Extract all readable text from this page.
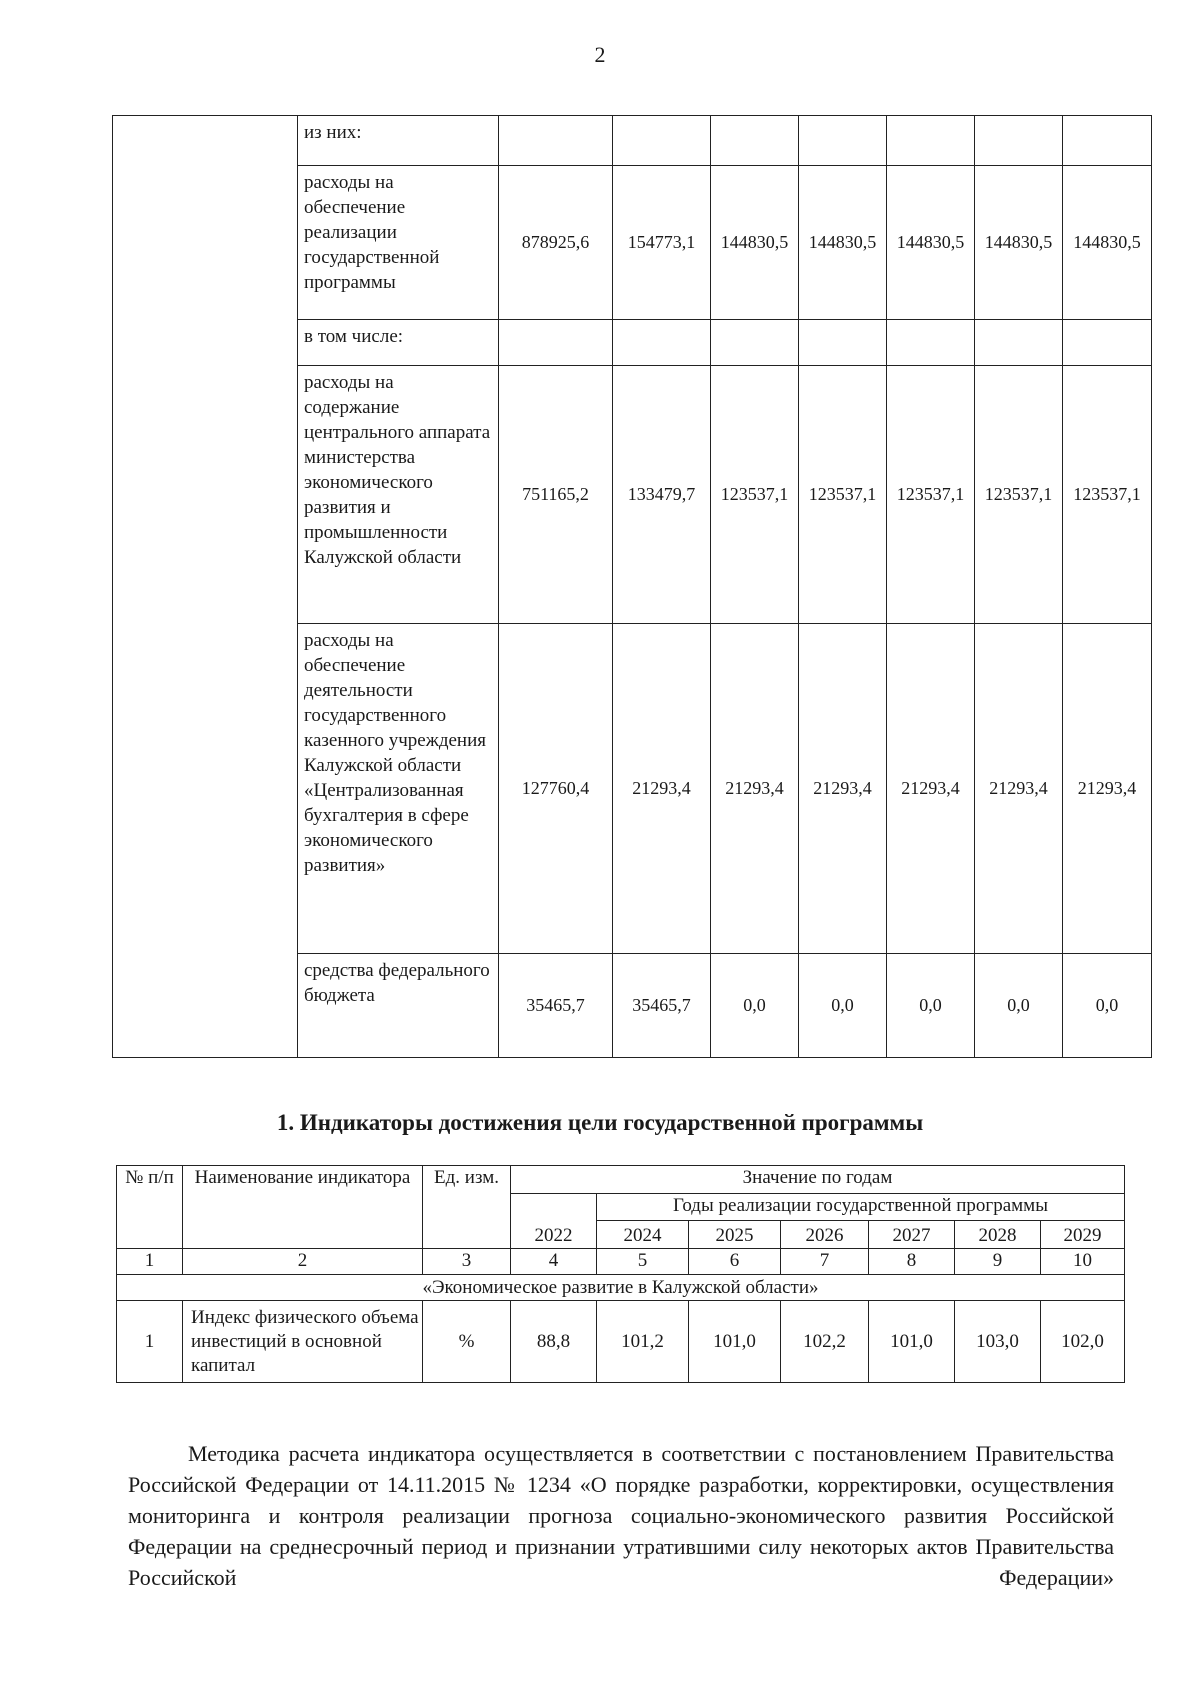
2
	из них:							
	расходы на обеспечение реализации государственной программы	878925,6	154773,1	144830,5	144830,5	144830,5	144830,5	144830,5
	в том числе:							
	расходы на содержание центрального аппарата министерства экономического развития и промышленности Калужской области	751165,2	133479,7	123537,1	123537,1	123537,1	123537,1	123537,1
	расходы на обеспечение деятельности государственного казенного учреждения Калужской области «Централизованная бухгалтерия в сфере экономического развития»	127760,4	21293,4	21293,4	21293,4	21293,4	21293,4	21293,4
	средства федерального бюджета	35465,7	35465,7	0,0	0,0	0,0	0,0	0,0
1. Индикаторы достижения цели государственной программы
№ п/п	Наименование индикатора	Ед. изм.	Значение по годам						
			2022	Годы реализации государственной программы					
				2024	2025	2026	2027	2028	2029
1	2	3	4	5	6	7	8	9	10
«Экономическое развитие в Калужской области»									
1	Индекс физического объема инвестиций в основной капитал	%	88,8	101,2	101,0	102,2	101,0	103,0	102,0
Методика расчета индикатора осуществляется в соответствии с постановлением Правительства Российской Федерации от 14.11.2015 № 1234 «О порядке разработки, корректировки, осуществления мониторинга и контроля реализации прогноза социально-экономического развития Российской Федерации на среднесрочный период и признании утратившими силу некоторых актов Правительства Российской Федерации»
